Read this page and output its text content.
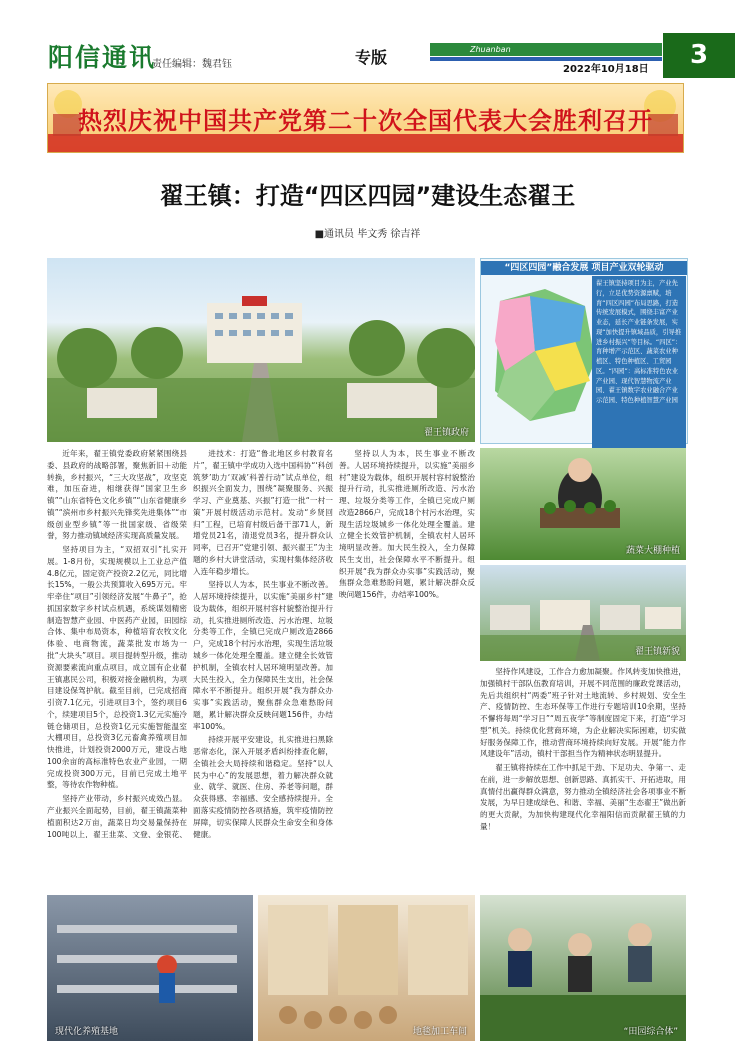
阳信通讯
责任编辑：魏君钰	专版	Zhuanban
2022年10月18日	3
热烈庆祝中国共产党第二十次全国代表大会胜利召开
翟王镇：打造“四区四园”建设生态翟王
■通讯员 毕文秀 徐吉祥
翟王镇政府
“四区四园”融合发展 项目产业双轮驱动
翟王镇坚持项目为主，产业先行，立足优势资源禀赋，培育“四区四园”布局思路，打造传统发展模式，围绕丰富产业业态，延长产业链条发展，实现“加快提升镇域品质，引导推进乡村振兴”等目标。“四区”：育种增产示范区、蔬菜农业种植区、特色种植区、工贸园区。“四园”：高标准特色农业产业园、现代智慧物流产业园、翟王镇数字农业融合产业示范园、特色种植智慧产业园

近年来，翟王镇党委政府紧紧围绕县委、县政府的战略部署，聚焦新旧＋动能转换，乡村振兴，“三大攻坚战”，攻坚克难，加压奋进，相继获得“国家卫生乡镇”“山东省特色文化乡镇”“山东省健康乡镇”“滨州市乡村振兴先锋奖先进集体”“市级创业型乡镇”等一批国家级、省级荣誉，努力推动镇域经济实现高质量发展。

坚持项目为主，“双招双引”扎实开展。1-8月份，实现规模以上工业总产值4.8亿元，固定资产投资2.2亿元，同比增长15%，一般公共预算收入695万元。牢牢牵住“项目”引领经济发展“牛鼻子”，抢抓国家数字乡村试点机遇，系统谋划精密制造智慧产业园、中医药产业园，田园综合体、集中布局资本，种植培育农牧文化体验、电商物流，蔬菜批发市场为一批“大块头”项目。项目提转型升级，推动资源要素流向重点项目，成立国有企业翟王镇惠民公司，积极对接金融机构，为项目建设保驾护航。截至目前，已完成招商引资7.1亿元，引进项目3个，签约项目6个，续建项目5个，总投资1.3亿元实施冷链仓储项目，总投资1亿元实施智能温室大棚项目，总投资3亿元畜禽养殖项目加快推进，计划投资2000万元，建设占地100余亩的高标准特色农业产业园，一期完成投资300万元，目前已完成土地平整，等待农作物种植。

坚持产业带动，乡村振兴成效凸显。产业振兴全面起势，目前，翟王镇蔬菜种植面积达2万亩，蔬菜日均交易量保持在100吨以上，翟王韭菜、文登、金银花、

进技术：打造“鲁北地区乡村教育名片”，翟王镇中学成功入选中国科协“‘科创筑梦’助力‘双减’科普行动”试点单位，组织振兴全面发力，围绕“凝聚服务、兴振学习、产业奠基、兴振”打造一批“一村一策”开展村级活动示范村。发动“乡贤回归”工程，已培育村级后备干部71人，新增党员21名，清退党员3名，提升群众认同率，已召开“党建引领、振兴翟王”为主题的乡村大讲堂活动，实现村集体经济收入连年稳步增长。

坚持以人为本，民生事业不断改善。人居环境持续提升，以实施“美丽乡村”建设为载体，组织开展村容村貌整治提升行动，扎实推进厕所改造、污水治理、垃圾分类等工作，全镇已完成户厕改造2866户，完成18个村污水治理，实现生活垃圾城乡一体化处理全覆盖。建立健全长效管护机制，全镇农村人居环境明显改善。加大民生投入，全力保障民生支出，社会保障水平不断提升。组织开展“我为群众办实事”实践活动，聚焦群众急难愁盼问题，累计解决群众反映问题156件，办结率100%。

持续开展平安建设，扎实推进扫黑除恶常态化，深入开展矛盾纠纷排查化解，全镇社会大局持续和谐稳定。坚持“以人民为中心”的发展思想，着力解决群众就业、就学、就医、住房、养老等问题，群众获得感、幸福感、安全感持续提升。全面落实疫情防控各项措施，筑牢疫情防控屏障，切实保障人民群众生命安全和身体健康。

蔬菜大棚种植
翟王镇新貌

坚持作风建设，工作合力愈加凝聚。作风转变加快推进，加强镇村干部队伍教育培训，开展不同范围的廉政党课活动，先后共组织村“两委”班子针对土地流转、乡村规划、安全生产、疫情防控、生态环保等工作进行专题培训10余期，坚持不懈将每周“学习日”“周五夜学”等制度固定下来，打造“学习型”机关。持续优化营商环境，为企业解决实际困难，切实做好服务保障工作，推动营商环境持续向好发展。开展“能力作风建设年”活动，镇村干部担当作为精神状态明显提升。

翟王镇将持续在工作中抓足干劲、下足功夫、争第一、走在前，进一步解放思想、创新思路、真抓实干、开拓进取，用真情付出赢得群众满意，努力推动全镇经济社会各项事业不断发展，为早日建成绿色、和谐、幸福、美丽“生态翟王”做出新的更大贡献，为加快构建现代化幸福阳信而贡献翟王镇的力量！

坚持以人为本，民生事业不断改善。人居环境持续提升，以实施“美丽乡村”建设为载体，组织开展村容村貌整治提升行动，扎实推进厕所改造、污水治理、垃圾分类等工作，全镇已完成户厕改造2866户，完成18个村污水治理，实现生活垃圾城乡一体化处理全覆盖。建立健全长效管护机制，全镇农村人居环境明显改善。加大民生投入，全力保障民生支出，社会保障水平不断提升。组织开展“我为群众办实事”实践活动，聚焦群众急难愁盼问题，累计解决群众反映问题156件，办结率100%。

现代化养殖基地	地毯加工车间	“田园综合体”
